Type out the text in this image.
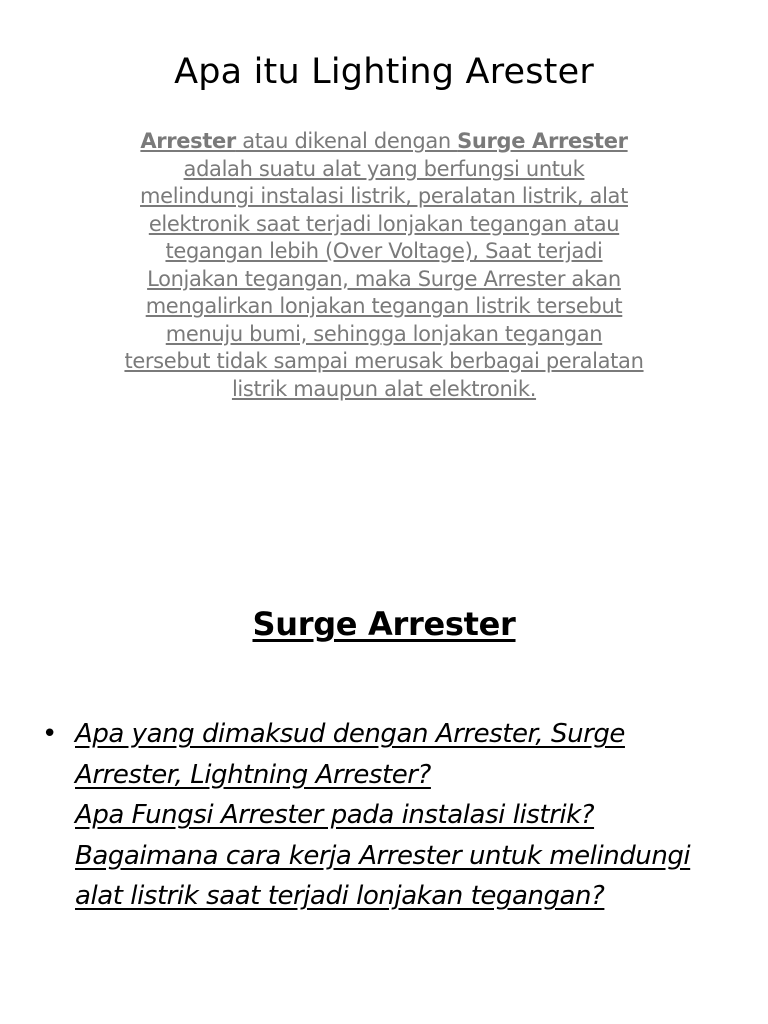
Apa itu Lighting Arester

Arrester atau dikenal dengan Surge Arrester adalah suatu alat yang berfungsi untuk melindungi instalasi listrik, peralatan listrik, alat elektronik saat terjadi lonjakan tegangan atau tegangan lebih (Over Voltage), Saat terjadi Lonjakan tegangan, maka Surge Arrester akan mengalirkan lonjakan tegangan listrik tersebut menuju bumi, sehingga lonjakan tegangan tersebut tidak sampai merusak berbagai peralatan listrik maupun alat elektronik.

Surge Arrester
• Apa yang dimaksud dengan Arrester, Surge Arrester, Lightning Arrester?
Apa Fungsi Arrester pada instalasi listrik?
Bagaimana cara kerja Arrester untuk melindungi alat listrik saat terjadi lonjakan tegangan?
